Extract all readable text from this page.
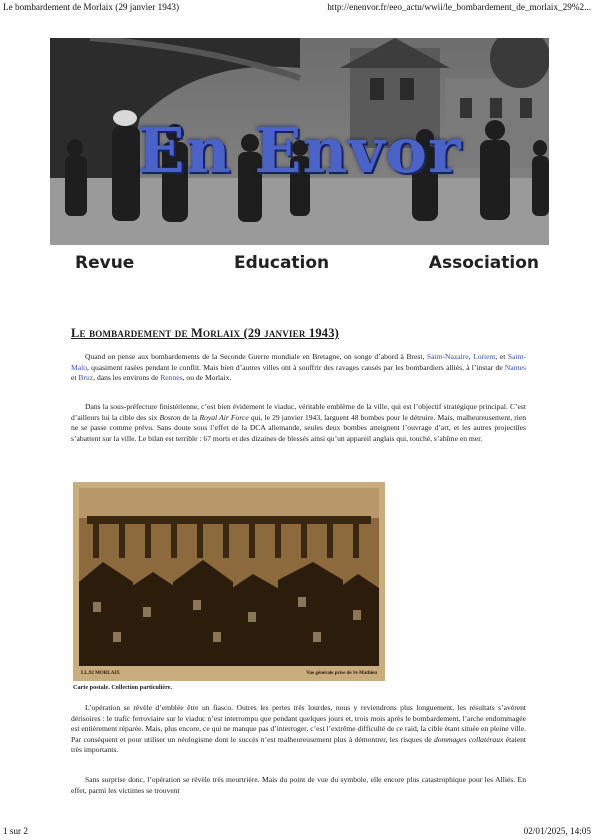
Le bombardement de Morlaix (29 janvier 1943)	http://enenvor.fr/eeo_actu/wwii/le_bombardement_de_morlaix_29%2...
En Envor
Revue	Education	Association
Le bombardement de Morlaix (29 janvier 1943)

Quand on pense aux bombardements de la Seconde Guerre mondiale en Bretagne, on songe d’abord à Brest, Saint-Nazaire, Lorient, et Saint-Malo, quasiment rasées pendant le conflit. Mais bien d’autres villes ont à souffrir des ravages causés par les bombardiers alliés, à l’instar de Nantes et Bruz, dans les environs de Rennes, ou de Morlaix.

Dans la sous-préfecture finistérienne, c’est bien évidement le viaduc, véritable emblème de la ville, qui est l’objectif stratégique principal. C’est d’ailleurs lui la cible des six Boston de la Royal Air Force qui, le 29 janvier 1943, larguent 48 bombes pour le détruire. Mais, malheureusement, rien ne se passe comme prévu. Sans doute sous l’effet de la DCA allemande, seules deux bombes atteignent l’ouvrage d’art, et les autres projectiles s’abattent sur la ville. Le bilan est terrible : 67 morts et des dizaines de blessés ainsi qu’un appareil anglais qui, touché, s’abîme en mer.

LL.92 MORLAIX	Vue générale prise de St-Mathieu
Carte postale. Collection particulière.

L’opération se révèle d’emblée être un fiasco. Outres les pertes très lourdes, nous y reviendrons plus longuement, les résultats s’avèrent dérisoires : le trafic ferroviaire sur le viaduc n’est interrompu que pendant quelques jours et, trois mois après le bombardement, l’arche endommagée est entièrement réparée. Mais, plus encore, ce qui ne manque pas d’interroger, c’est l’extrême difficulté de ce raid, la cible étant située en pleine ville. Par conséquent et pour utiliser un néologisme dont le succès n’est malheureusement plus à démontrer, les risques de dommages collatéraux étaient très importants.

Sans surprise donc, l’opération se révèle très meurtrière. Mais du point de vue du symbole, elle encore plus catastrophique pour les Alliés. En effet, parmi les victimes se trouvent

1 sur 2	02/01/2025, 14:05
